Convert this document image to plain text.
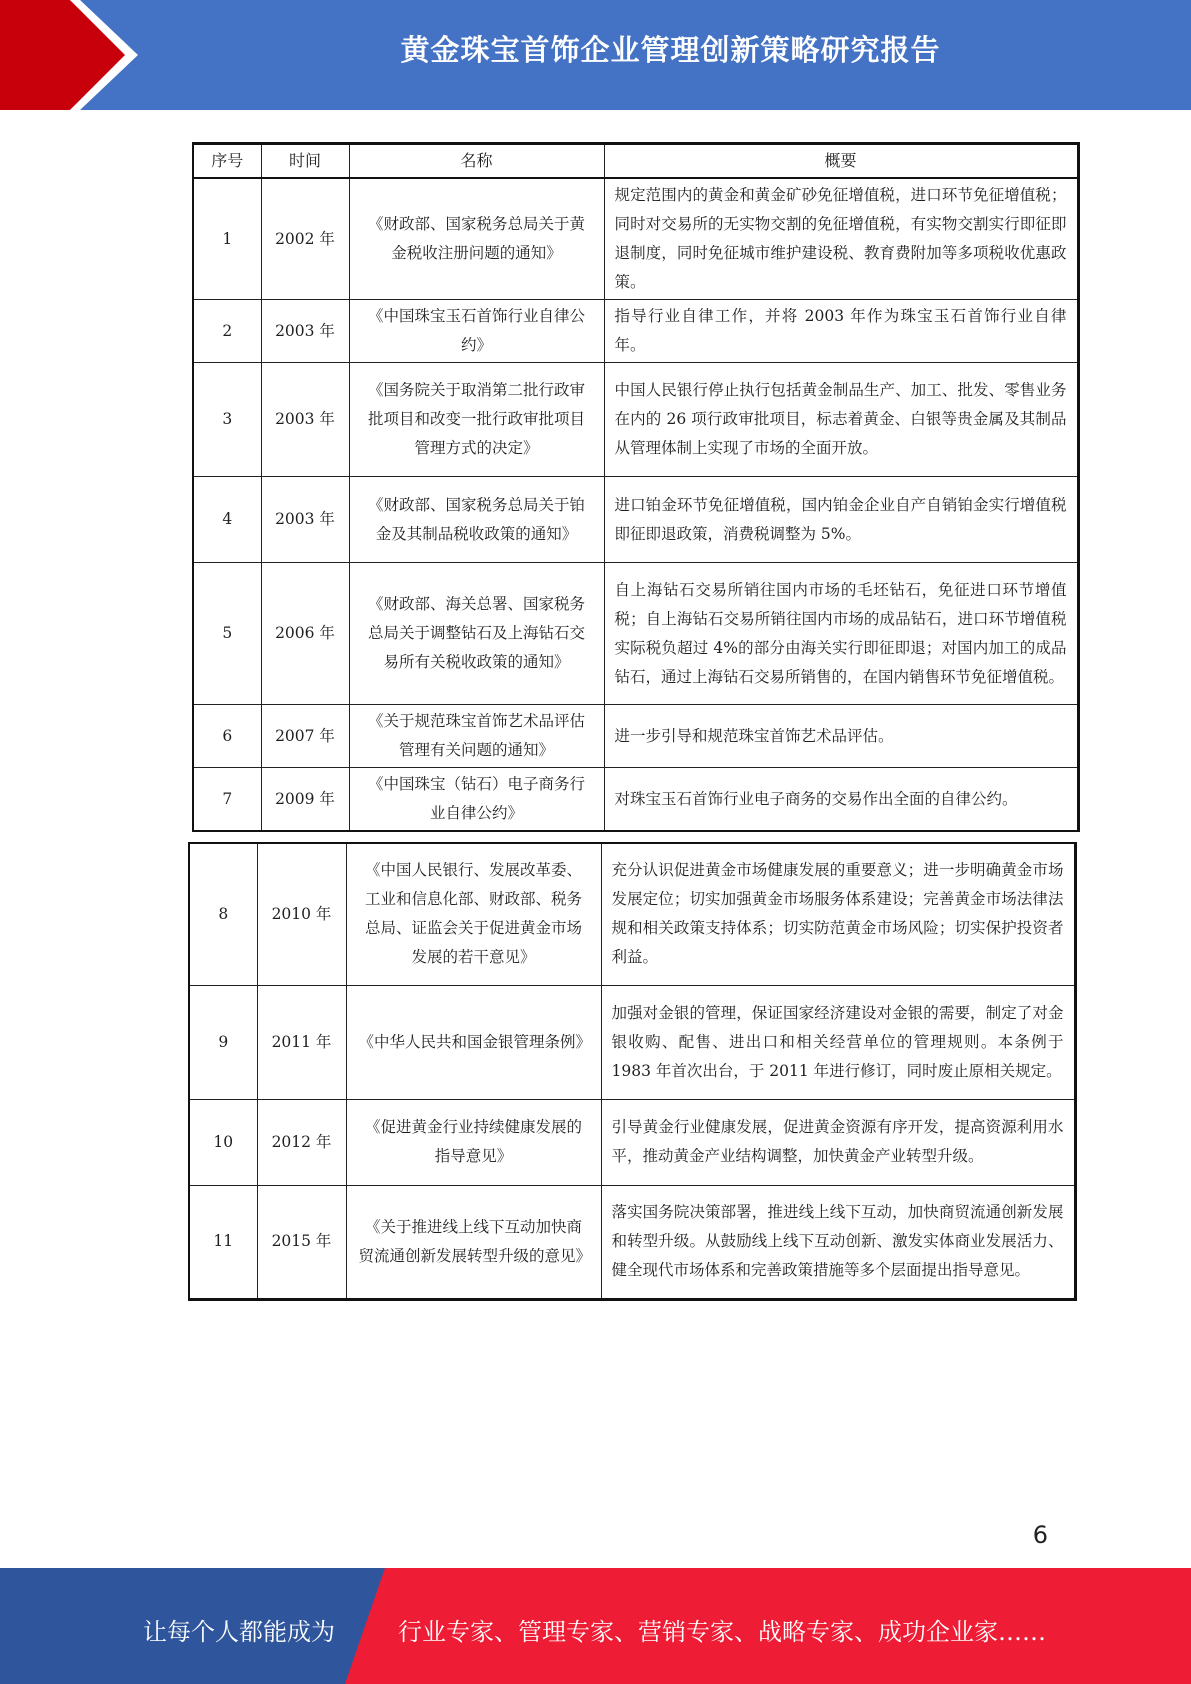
黄金珠宝首饰企业管理创新策略研究报告
序号	时间	名称	概要
1	2002 年	《财政部、国家税务总局关于黄金税收注册问题的通知》	规定范围内的黄金和黄金矿砂免征增值税，进口环节免征增值税；同时对交易所的无实物交割的免征增值税，有实物交割实行即征即退制度，同时免征城市维护建设税、教育费附加等多项税收优惠政策。
2	2003 年	《中国珠宝玉石首饰行业自律公约》	指导行业自律工作，并将 2003 年作为珠宝玉石首饰行业自律年。
3	2003 年	《国务院关于取消第二批行政审批项目和改变一批行政审批项目管理方式的决定》	中国人民银行停止执行包括黄金制品生产、加工、批发、零售业务在内的 26 项行政审批项目，标志着黄金、白银等贵金属及其制品从管理体制上实现了市场的全面开放。
4	2003 年	《财政部、国家税务总局关于铂金及其制品税收政策的通知》	进口铂金环节免征增值税，国内铂金企业自产自销铂金实行增值税即征即退政策，消费税调整为 5%。
5	2006 年	《财政部、海关总署、国家税务总局关于调整钻石及上海钻石交易所有关税收政策的通知》	自上海钻石交易所销往国内市场的毛坯钻石，免征进口环节增值税；自上海钻石交易所销往国内市场的成品钻石，进口环节增值税实际税负超过 4%的部分由海关实行即征即退；对国内加工的成品钻石，通过上海钻石交易所销售的，在国内销售环节免征增值税。
6	2007 年	《关于规范珠宝首饰艺术品评估管理有关问题的通知》	进一步引导和规范珠宝首饰艺术品评估。
7	2009 年	《中国珠宝（钻石）电子商务行业自律公约》	对珠宝玉石首饰行业电子商务的交易作出全面的自律公约。
8	2010 年	《中国人民银行、发展改革委、工业和信息化部、财政部、税务总局、证监会关于促进黄金市场发展的若干意见》	充分认识促进黄金市场健康发展的重要意义；进一步明确黄金市场发展定位；切实加强黄金市场服务体系建设；完善黄金市场法律法规和相关政策支持体系；切实防范黄金市场风险；切实保护投资者利益。
9	2011 年	《中华人民共和国金银管理条例》	加强对金银的管理，保证国家经济建设对金银的需要，制定了对金银收购、配售、进出口和相关经营单位的管理规则。本条例于 1983 年首次出台，于 2011 年进行修订，同时废止原相关规定。
10	2012 年	《促进黄金行业持续健康发展的指导意见》	引导黄金行业健康发展，促进黄金资源有序开发，提高资源利用水平，推动黄金产业结构调整，加快黄金产业转型升级。
11	2015 年	《关于推进线上线下互动加快商贸流通创新发展转型升级的意见》	落实国务院决策部署，推进线上线下互动，加快商贸流通创新发展和转型升级。从鼓励线上线下互动创新、激发实体商业发展活力、健全现代市场体系和完善政策措施等多个层面提出指导意见。
6
让每个人都能成为	行业专家、管理专家、营销专家、战略专家、成功企业家……
